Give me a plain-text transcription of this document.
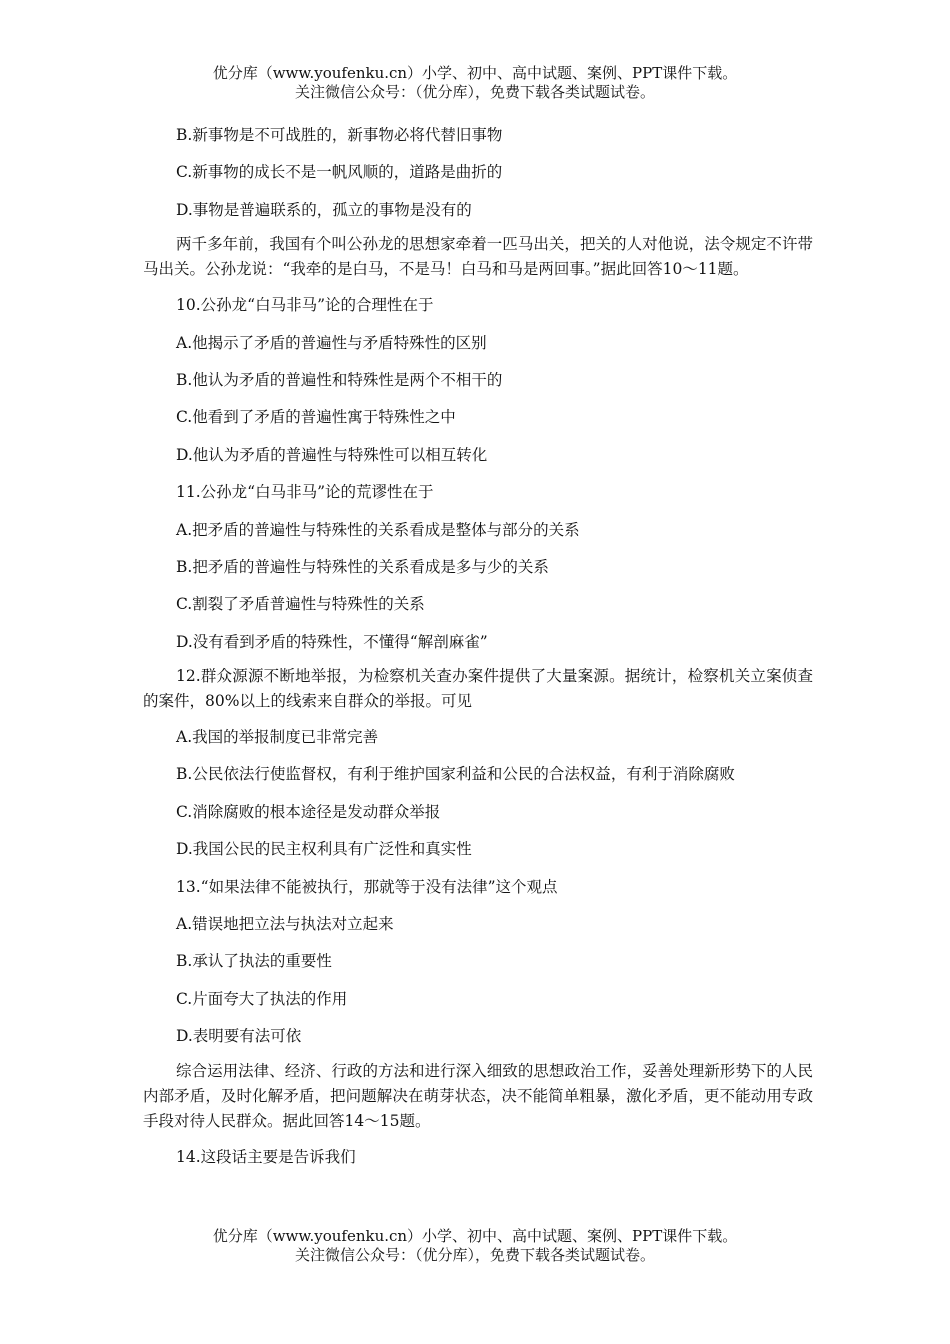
优分库（www.youfenku.cn）小学、初中、高中试题、案例、PPT课件下载。
关注微信公众号：（优分库），免费下载各类试题试卷。

B.新事物是不可战胜的，新事物必将代替旧事物

C.新事物的成长不是一帆风顺的，道路是曲折的

D.事物是普遍联系的，孤立的事物是没有的

两千多年前，我国有个叫公孙龙的思想家牵着一匹马出关，把关的人对他说，法令规定不许带马出关。公孙龙说：“我牵的是白马，不是马！白马和马是两回事。”据此回答10～11题。

10.公孙龙“白马非马”论的合理性在于

A.他揭示了矛盾的普遍性与矛盾特殊性的区别

B.他认为矛盾的普遍性和特殊性是两个不相干的

C.他看到了矛盾的普遍性寓于特殊性之中

D.他认为矛盾的普遍性与特殊性可以相互转化

11.公孙龙“白马非马”论的荒谬性在于

A.把矛盾的普遍性与特殊性的关系看成是整体与部分的关系

B.把矛盾的普遍性与特殊性的关系看成是多与少的关系

C.割裂了矛盾普遍性与特殊性的关系

D.没有看到矛盾的特殊性，不懂得“解剖麻雀”

12.群众源源不断地举报，为检察机关查办案件提供了大量案源。据统计，检察机关立案侦查的案件，80%以上的线索来自群众的举报。可见

A.我国的举报制度已非常完善

B.公民依法行使监督权，有利于维护国家利益和公民的合法权益，有利于消除腐败

C.消除腐败的根本途径是发动群众举报

D.我国公民的民主权利具有广泛性和真实性

13.“如果法律不能被执行，那就等于没有法律”这个观点

A.错误地把立法与执法对立起来

B.承认了执法的重要性

C.片面夸大了执法的作用

D.表明要有法可依

综合运用法律、经济、行政的方法和进行深入细致的思想政治工作，妥善处理新形势下的人民内部矛盾，及时化解矛盾，把问题解决在萌芽状态，决不能简单粗暴，激化矛盾，更不能动用专政手段对待人民群众。据此回答14～15题。

14.这段话主要是告诉我们

优分库（www.youfenku.cn）小学、初中、高中试题、案例、PPT课件下载。
关注微信公众号：（优分库），免费下载各类试题试卷。
